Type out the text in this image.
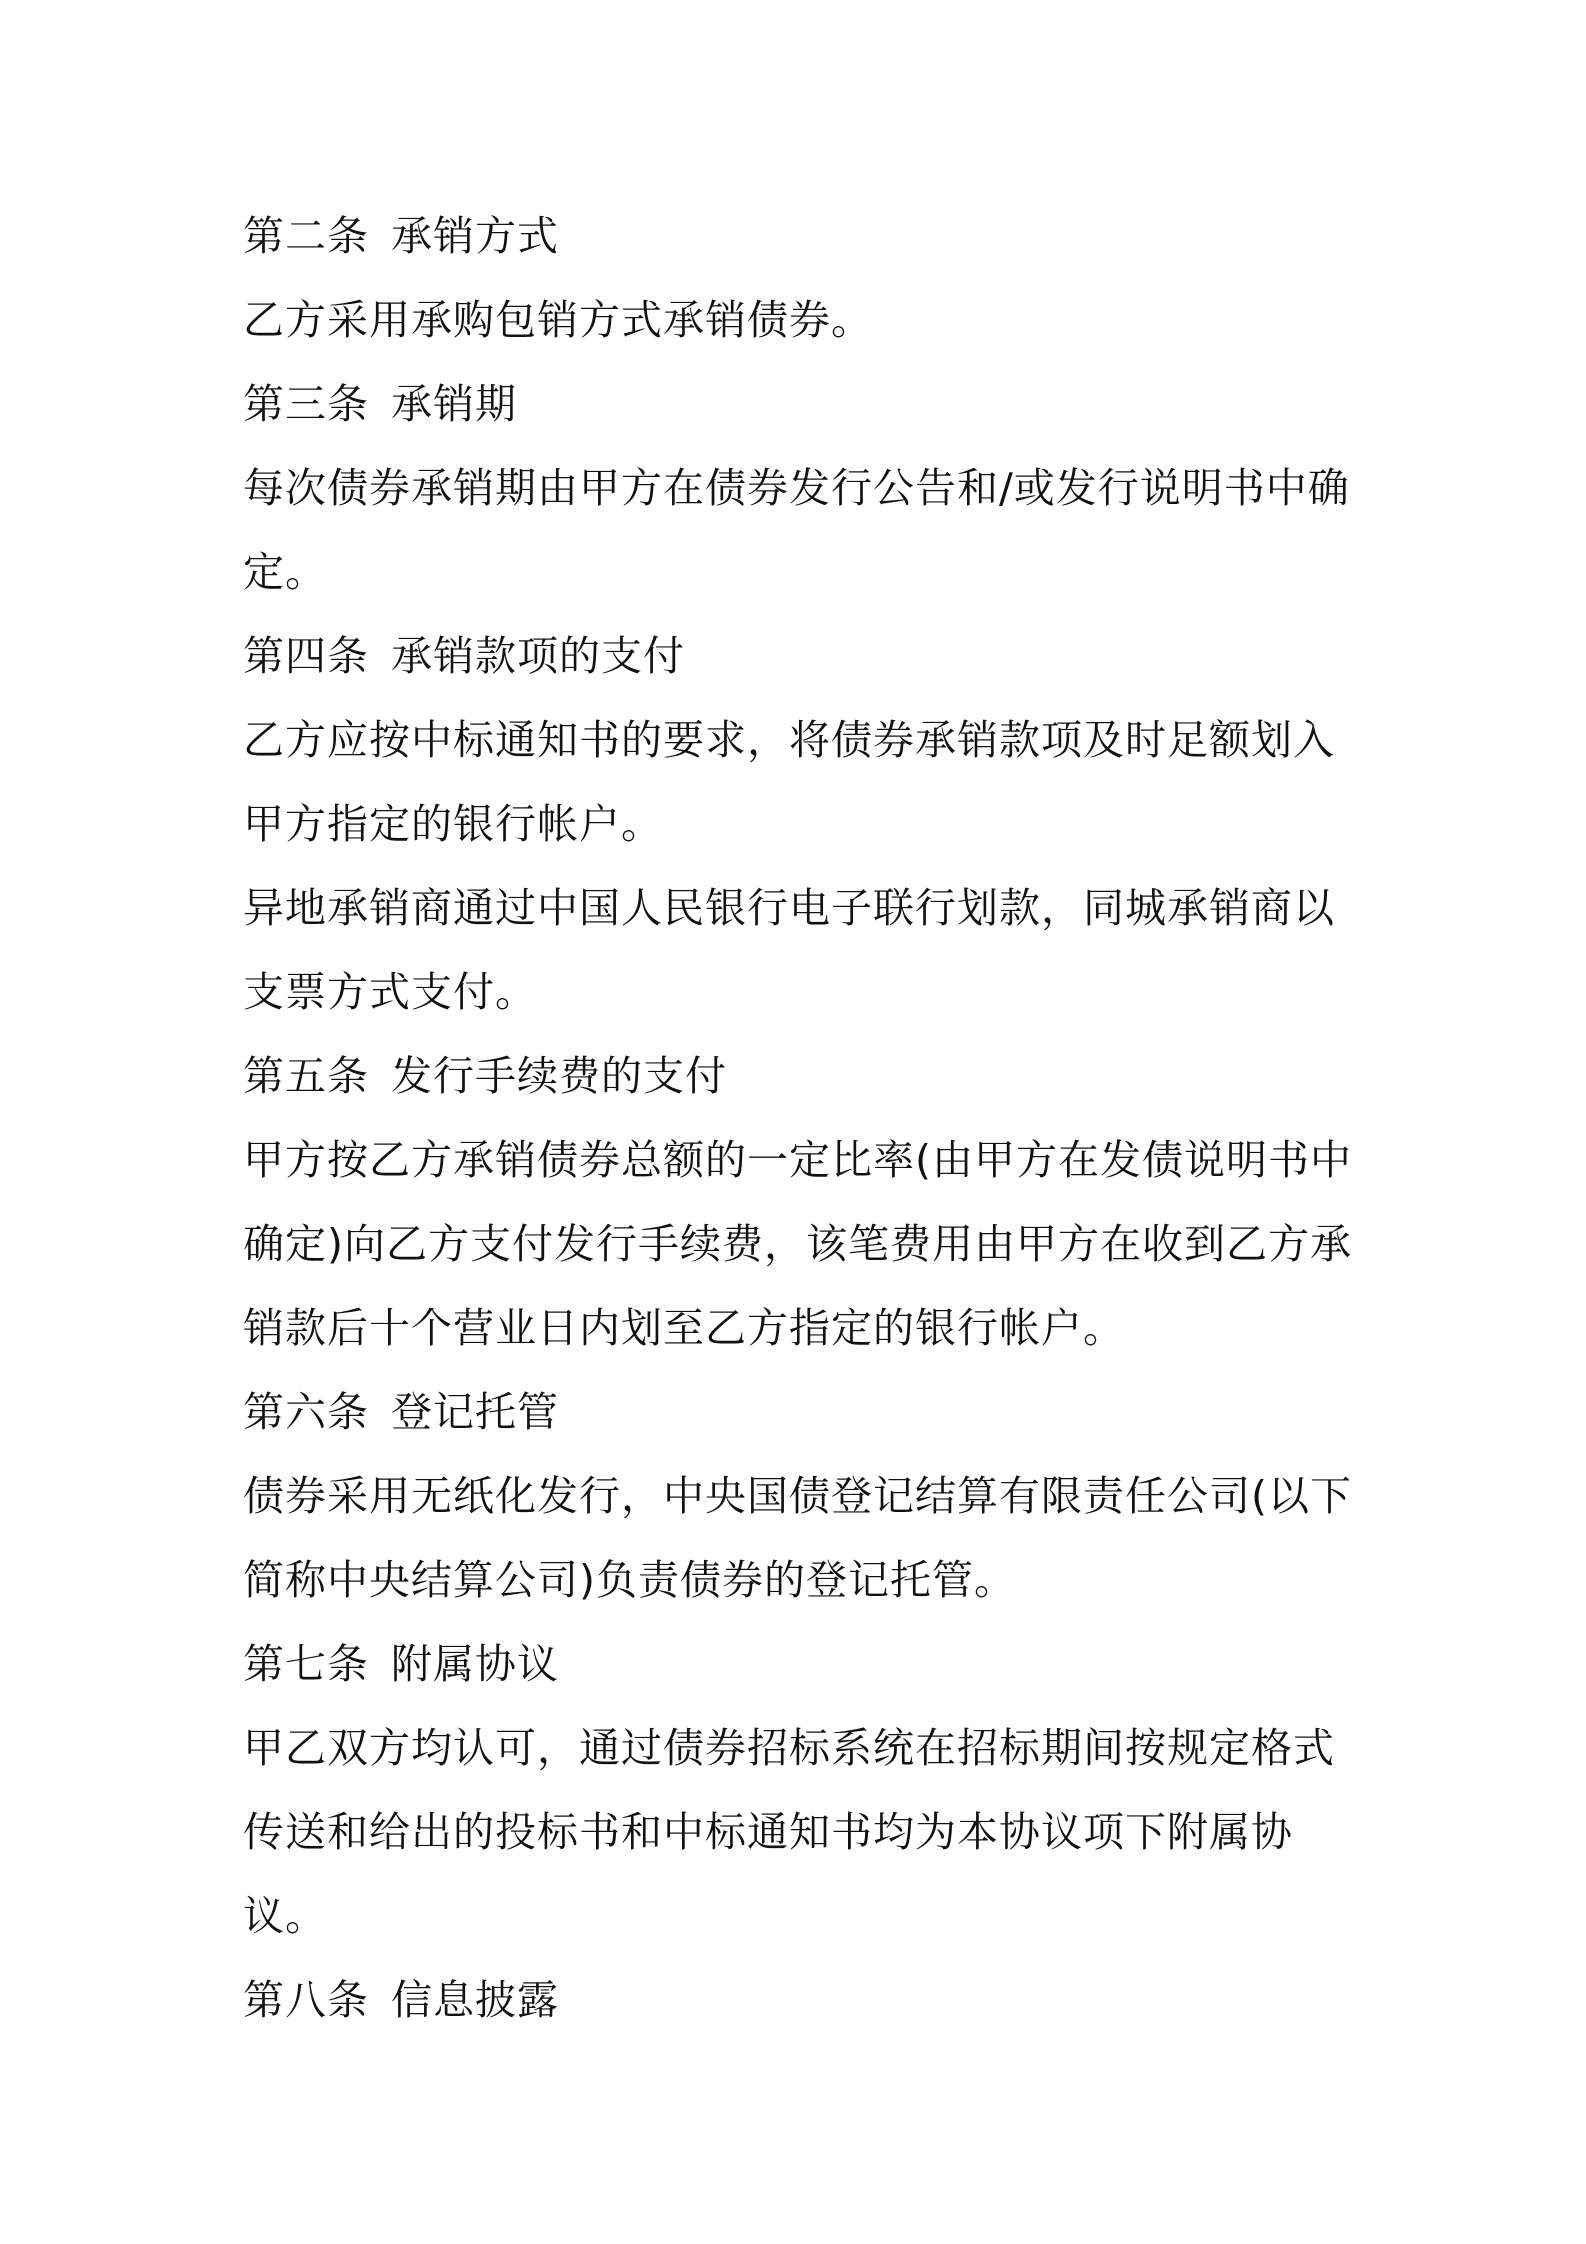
第二条 承销方式

乙方采用承购包销方式承销债券。

第三条 承销期

每次债券承销期由甲方在债券发行公告和/或发行说明书中确定。

第四条 承销款项的支付

乙方应按中标通知书的要求，将债券承销款项及时足额划入甲方指定的银行帐户。

异地承销商通过中国人民银行电子联行划款，同城承销商以支票方式支付。

第五条 发行手续费的支付

甲方按乙方承销债券总额的一定比率(由甲方在发债说明书中确定)向乙方支付发行手续费，该笔费用由甲方在收到乙方承销款后十个营业日内划至乙方指定的银行帐户。

第六条 登记托管

债券采用无纸化发行，中央国债登记结算有限责任公司(以下简称中央结算公司)负责债券的登记托管。

第七条 附属协议

甲乙双方均认可，通过债券招标系统在招标期间按规定格式传送和给出的投标书和中标通知书均为本协议项下附属协议。

第八条 信息披露
